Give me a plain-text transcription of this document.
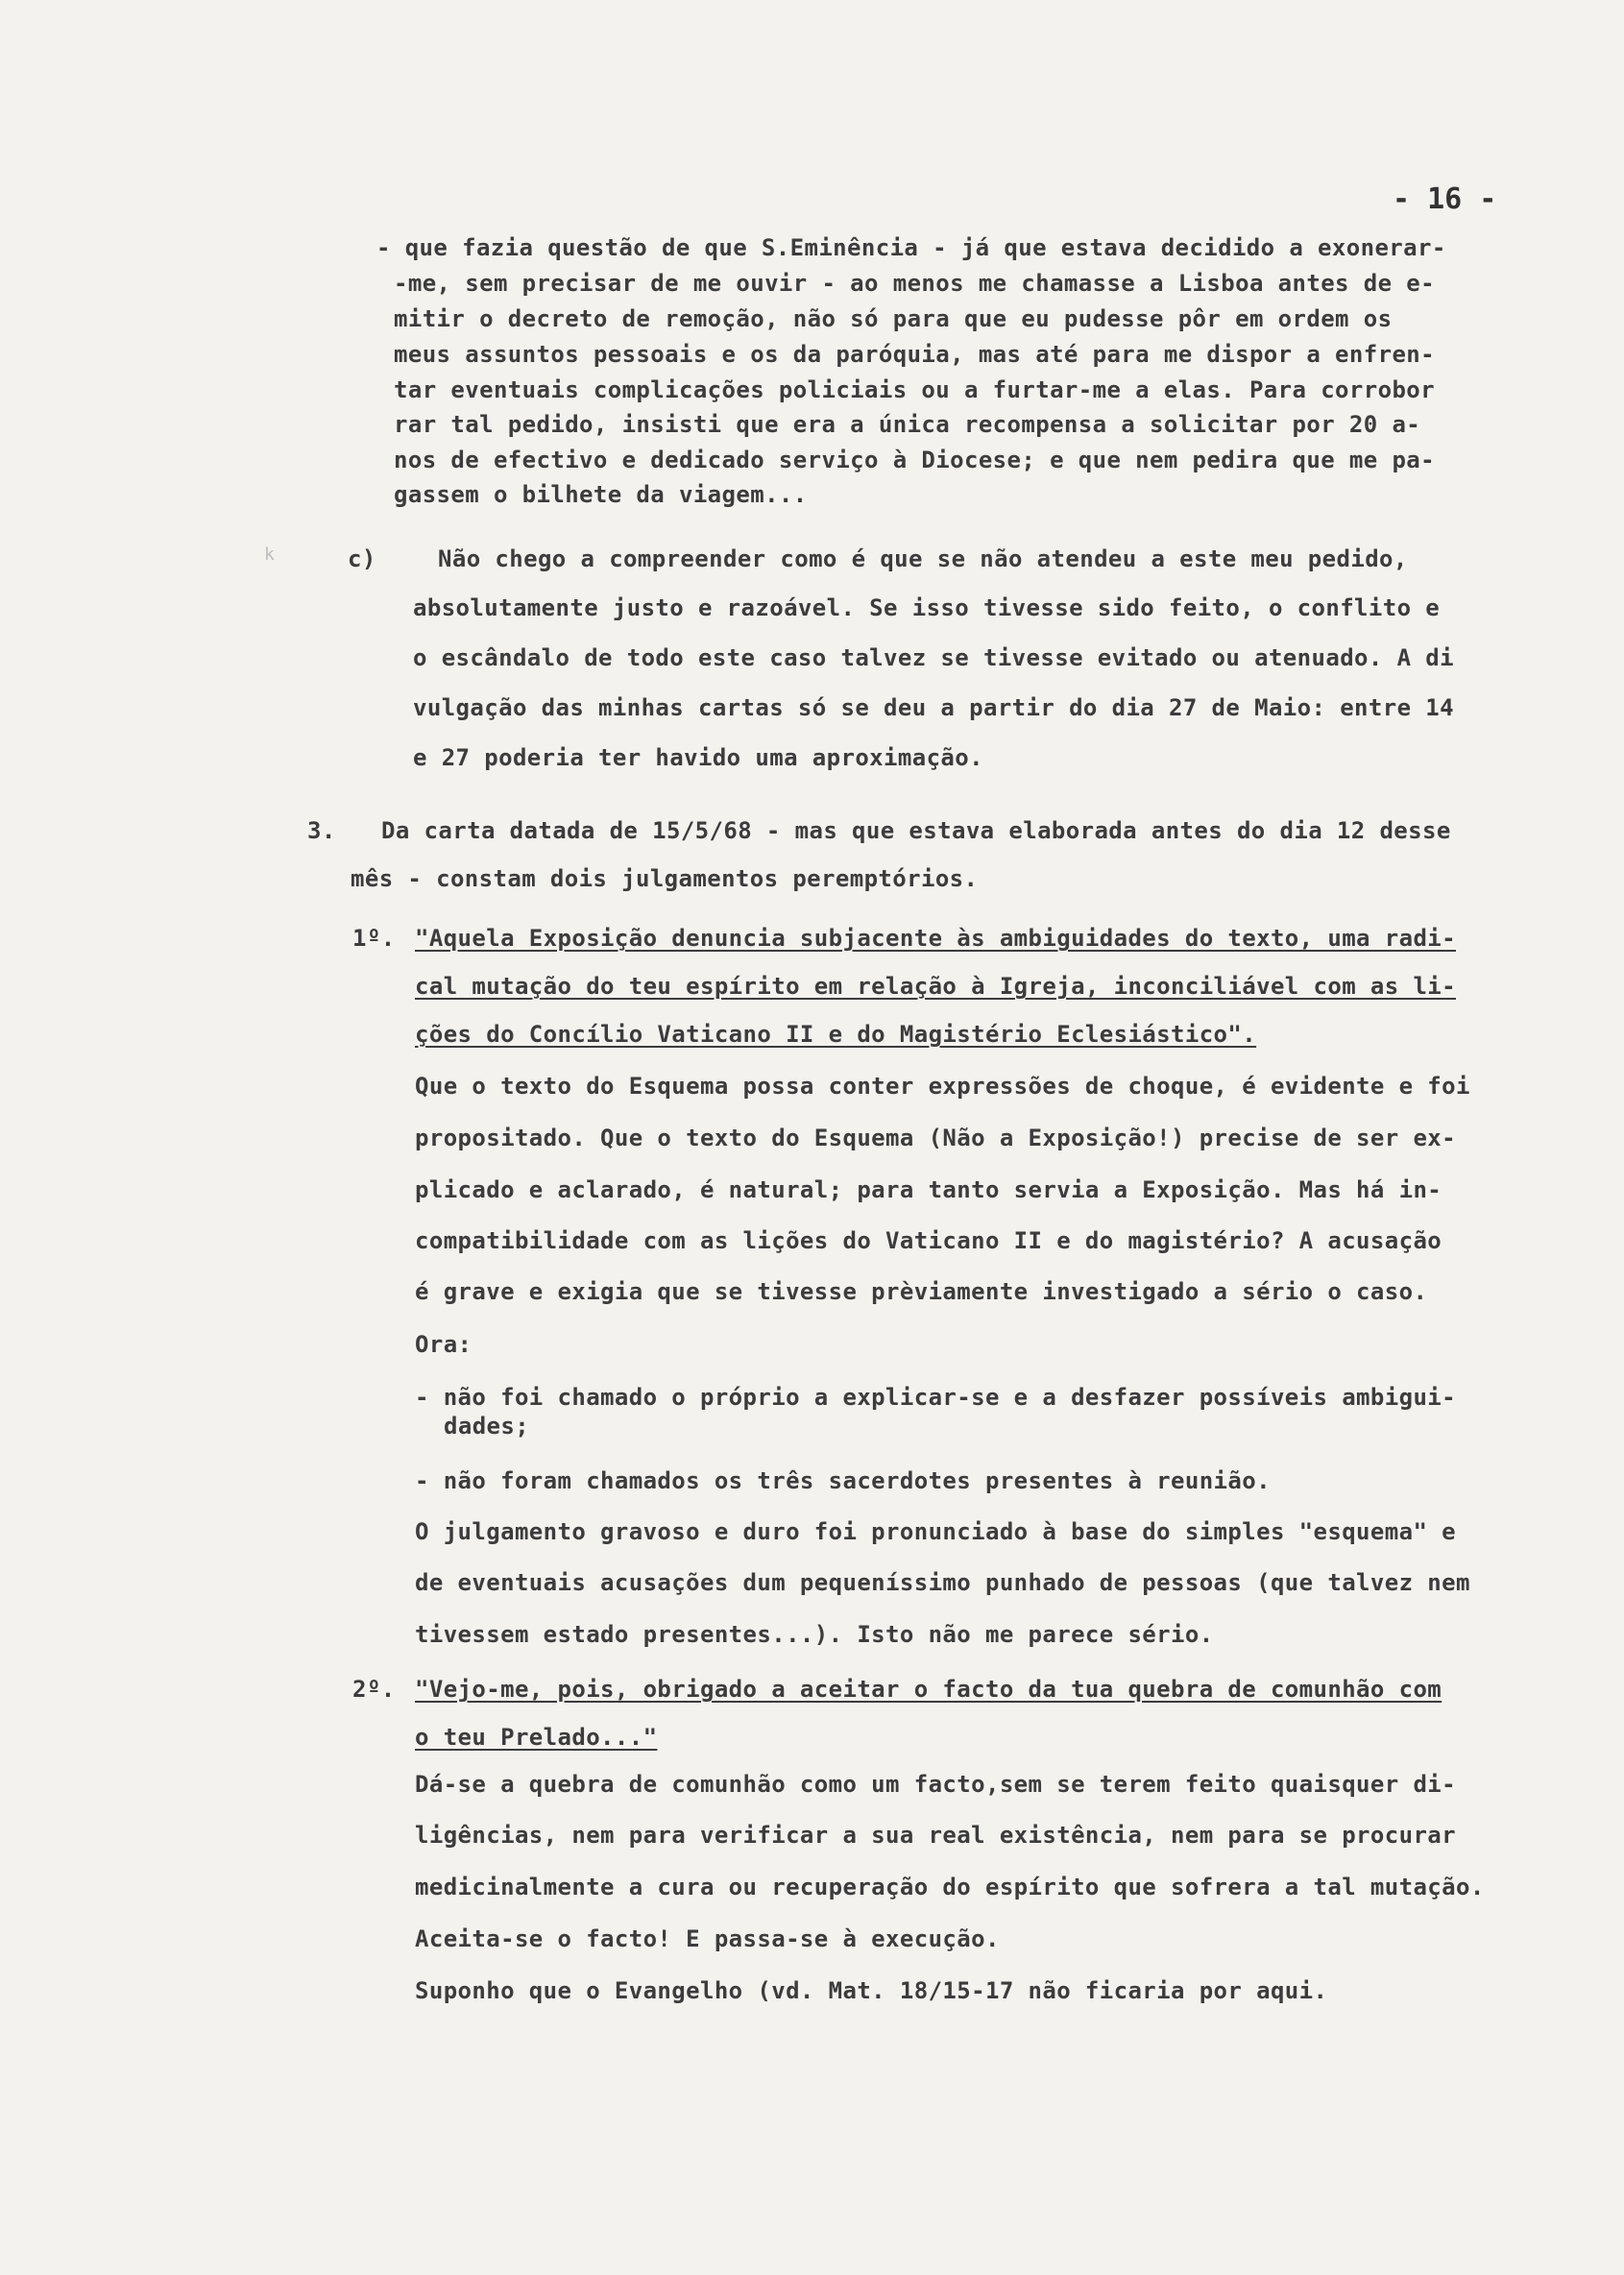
- 16 -
k
- que fazia questão de que S.Eminência - já que estava decidido a exonerar-
-me, sem precisar de me ouvir - ao menos me chamasse a Lisboa antes de e-
mitir o decreto de remoção, não só para que eu pudesse pôr em ordem os
meus assuntos pessoais e os da paróquia, mas até para me dispor a enfren-
tar eventuais complicações policiais ou a furtar-me a elas. Para corrobor
rar tal pedido, insisti que era a única recompensa a solicitar por 20 a-
nos de efectivo e dedicado serviço à Diocese; e que nem pedira que me pa-
gassem o bilhete da viagem...
c)	Não chego a compreender como é que se não atendeu a este meu pedido,
absolutamente justo e razoável. Se isso tivesse sido feito, o conflito e
o escândalo de todo este caso talvez se tivesse evitado ou atenuado. A di
vulgação das minhas cartas só se deu a partir do dia 27 de Maio: entre 14
e 27 poderia ter havido uma aproximação.
3. Da carta datada de 15/5/68 - mas que estava elaborada antes do dia 12 desse
mês - constam dois julgamentos peremptórios.
1º. "Aquela Exposição denuncia subjacente às ambiguidades do texto, uma radi-
cal mutação do teu espírito em relação à Igreja, inconciliável com as li-
ções do Concílio Vaticano II e do Magistério Eclesiástico".
Que o texto do Esquema possa conter expressões de choque, é evidente e foi
propositado. Que o texto do Esquema (Não a Exposição!) precise de ser ex-
plicado e aclarado, é natural; para tanto servia a Exposição. Mas há in-
compatibilidade com as lições do Vaticano II e do magistério? A acusação
é grave e exigia que se tivesse prèviamente investigado a sério o caso.
Ora:
- não foi chamado o próprio a explicar-se e a desfazer possíveis ambigui-
dades;
- não foram chamados os três sacerdotes presentes à reunião.
O julgamento gravoso e duro foi pronunciado à base do simples "esquema" e
de eventuais acusações dum pequeníssimo punhado de pessoas (que talvez nem
tivessem estado presentes...). Isto não me parece sério.
2º. "Vejo-me, pois, obrigado a aceitar o facto da tua quebra de comunhão com
o teu Prelado..."
Dá-se a quebra de comunhão como um facto,sem se terem feito quaisquer di-
ligências, nem para verificar a sua real existência, nem para se procurar
medicinalmente a cura ou recuperação do espírito que sofrera a tal mutação.
Aceita-se o facto! E passa-se à execução.
Suponho que o Evangelho (vd. Mat. 18/15-17 não ficaria por aqui.
